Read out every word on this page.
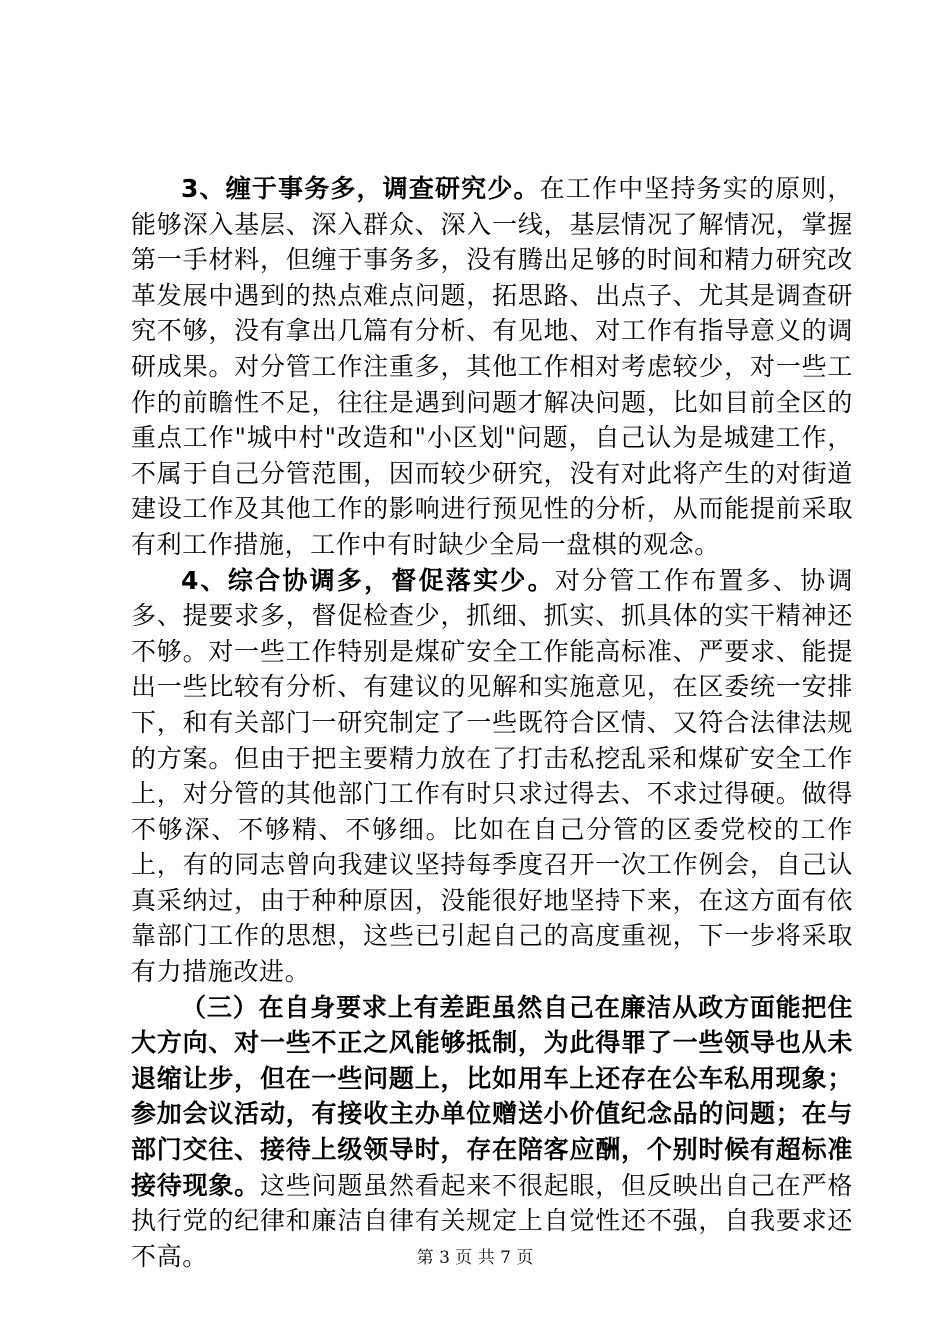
3、缠于事务多，调查研究少。在工作中坚持务实的原则，能够深入基层、深入群众、深入一线，基层情况了解情况，掌握第一手材料，但缠于事务多，没有腾出足够的时间和精力研究改革发展中遇到的热点难点问题，拓思路、出点子、尤其是调查研究不够，没有拿出几篇有分析、有见地、对工作有指导意义的调研成果。对分管工作注重多，其他工作相对考虑较少，对一些工作的前瞻性不足，往往是遇到问题才解决问题，比如目前全区的重点工作"城中村"改造和"小区划"问题，自己认为是城建工作，不属于自己分管范围，因而较少研究，没有对此将产生的对街道建设工作及其他工作的影响进行预见性的分析，从而能提前采取有利工作措施，工作中有时缺少全局一盘棋的观念。

4、综合协调多，督促落实少。对分管工作布置多、协调多、提要求多，督促检查少，抓细、抓实、抓具体的实干精神还不够。对一些工作特别是煤矿安全工作能高标准、严要求、能提出一些比较有分析、有建议的见解和实施意见，在区委统一安排下，和有关部门一研究制定了一些既符合区情、又符合法律法规的方案。但由于把主要精力放在了打击私挖乱采和煤矿安全工作上，对分管的其他部门工作有时只求过得去、不求过得硬。做得不够深、不够精、不够细。比如在自己分管的区委党校的工作上，有的同志曾向我建议坚持每季度召开一次工作例会，自己认真采纳过，由于种种原因，没能很好地坚持下来，在这方面有依靠部门工作的思想，这些已引起自己的高度重视，下一步将采取有力措施改进。

（三）在自身要求上有差距虽然自己在廉洁从政方面能把住大方向、对一些不正之风能够抵制，为此得罪了一些领导也从未退缩让步，但在一些问题上，比如用车上还存在公车私用现象；参加会议活动，有接收主办单位赠送小价值纪念品的问题；在与部门交往、接待上级领导时，存在陪客应酬，个别时候有超标准接待现象。这些问题虽然看起来不很起眼，但反映出自己在严格执行党的纪律和廉洁自律有关规定上自觉性还不强，自我要求还不高。	第 3 页 共 7 页
